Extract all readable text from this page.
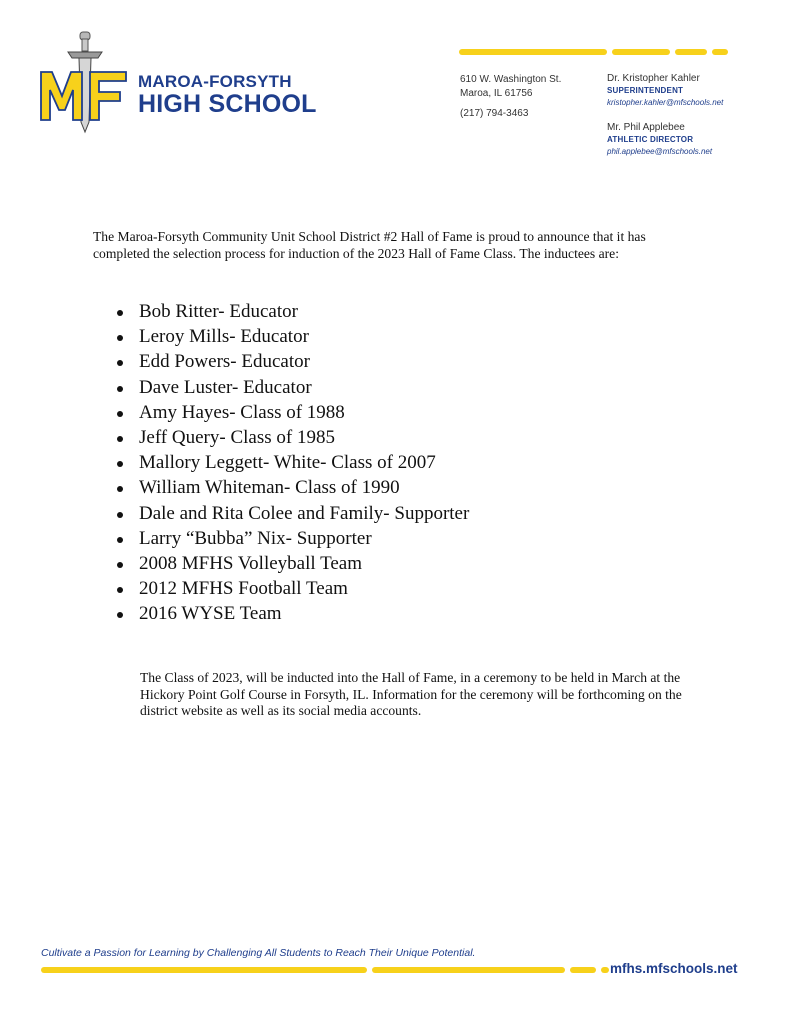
MAROA-FORSYTH
HIGH SCHOOL
610 W. Washington St.
Maroa, IL 61756
(217) 794-3463
Dr. Kristopher Kahler
SUPERINTENDENT
kristopher.kahler@mfschools.net
Mr. Phil Applebee
ATHLETIC DIRECTOR
phil.applebee@mfschools.net

The Maroa-Forsyth Community Unit School District #2 Hall of Fame is proud to announce that it has completed the selection process for induction of the 2023 Hall of Fame Class. The inductees are:

Bob Ritter- Educator
Leroy Mills- Educator
Edd Powers- Educator
Dave Luster- Educator
Amy Hayes- Class of 1988
Jeff Query- Class of 1985
Mallory Leggett- White- Class of 2007
William Whiteman- Class of 1990
Dale and Rita Colee and Family- Supporter
Larry “Bubba” Nix- Supporter
2008 MFHS Volleyball Team
2012 MFHS Football Team
2016 WYSE Team

The Class of 2023, will be inducted into the Hall of Fame, in a ceremony to be held in March at the Hickory Point Golf Course in Forsyth, IL. Information for the ceremony will be forthcoming on the district website as well as its social media accounts.

Cultivate a Passion for Learning by Challenging All Students to Reach Their Unique Potential.
mfhs.mfschools.net
